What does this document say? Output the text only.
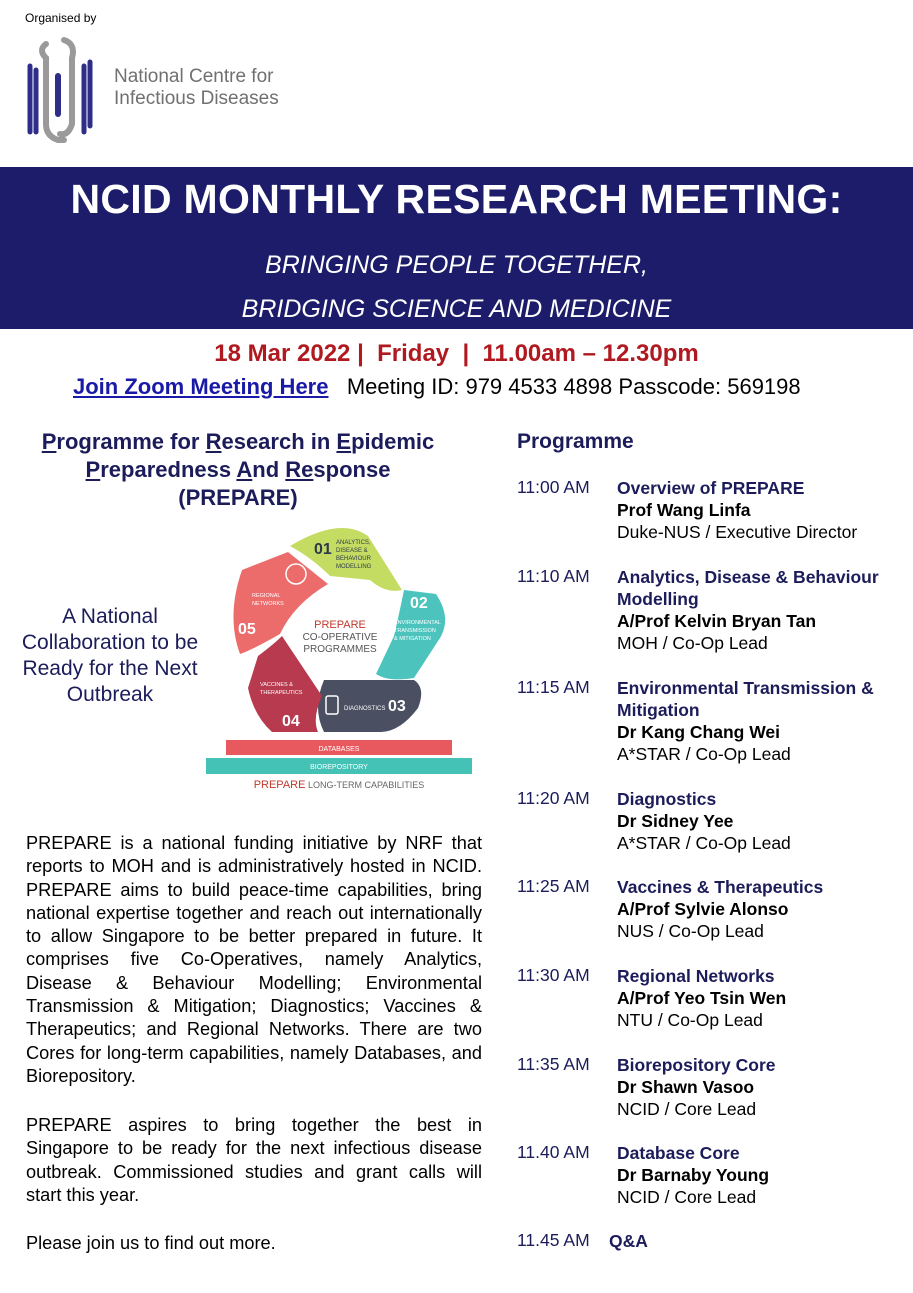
Organised by
National Centre for
Infectious Diseases
NCID MONTHLY RESEARCH MEETING:
BRINGING PEOPLE TOGETHER,
BRIDGING SCIENCE AND MEDICINE
18 Mar 2022 |  Friday  |  11.00am – 12.30pm
Join Zoom Meeting Here Meeting ID: 979 4533 4898 Passcode: 569198
Programme for Research in Epidemic
Preparedness And Response
(PREPARE)
A National Collaboration to be Ready for the Next Outbreak
01 ANALYTICS,
DISEASE &
BEHAVIOUR
MODELLING
02
ENVIRONMENTAL
TRANSMISSION
& MITIGATION
DIAGNOSTICS 03
VACCINES &
THERAPEUTICS
04
REGIONAL
NETWORKS
05	PREPARE
CO-OPERATIVE
PROGRAMMES
DATABASES
BIOREPOSITORY
PREPARE LONG-TERM CAPABILITIES
PREPARE is a national funding initiative by NRF that reports to MOH and is administratively hosted in NCID. PREPARE aims to build peace-time capabilities, bring national expertise together and reach out internationally to allow Singapore to be better prepared in future. It comprises five Co-Operatives, namely Analytics, Disease & Behaviour Modelling; Environmental Transmission & Mitigation; Diagnostics; Vaccines & Therapeutics; and Regional Networks. There are two Cores for long-term capabilities, namely Databases, and Biorepository.
PREPARE aspires to bring together the best in Singapore to be ready for the next infectious disease outbreak. Commissioned studies and grant calls will start this year.
Please join us to find out more.
Programme
11:00 AM Overview of PREPARE
Prof Wang Linfa
Duke-NUS / Executive Director
11:10 AM Analytics, Disease & Behaviour Modelling
A/Prof Kelvin Bryan Tan
MOH / Co-Op Lead
11:15 AM Environmental Transmission & Mitigation
Dr Kang Chang Wei
A*STAR / Co-Op Lead
11:20 AM Diagnostics
Dr Sidney Yee
A*STAR / Co-Op Lead
11:25 AM Vaccines & Therapeutics
A/Prof Sylvie Alonso
NUS / Co-Op Lead
11:30 AM Regional Networks
A/Prof Yeo Tsin Wen
NTU / Co-Op Lead
11:35 AM Biorepository Core
Dr Shawn Vasoo
NCID / Core Lead
11.40 AM Database Core
Dr Barnaby Young
NCID / Core Lead
11.45 AM Q&A
